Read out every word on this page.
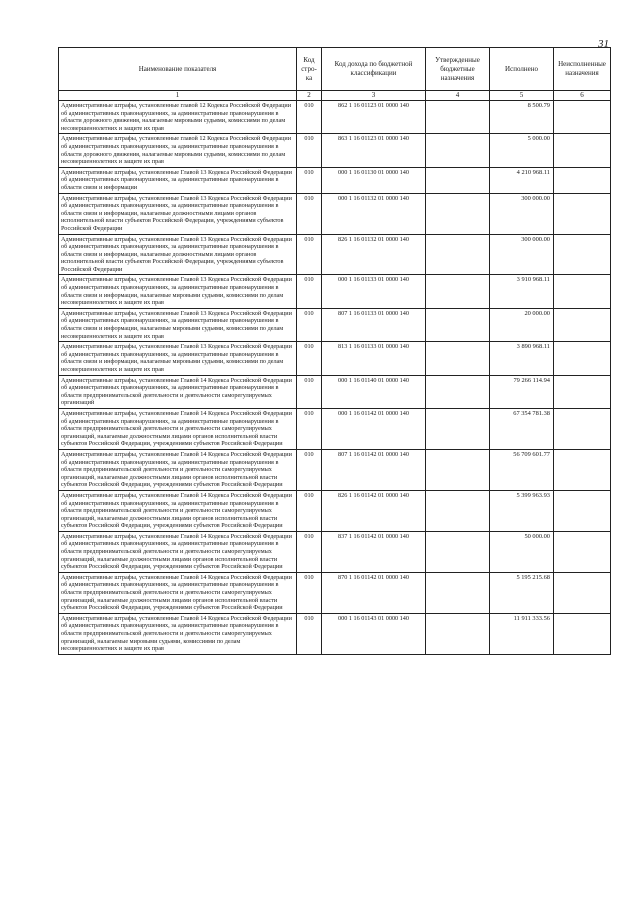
31
Наименование показателя	Код стро-ка	Код дохода по бюджетной классификации	Утвержденные бюджетные назначения	Исполнено	Неисполненные назначения
1	2	3	4	5	6
Административные штрафы, установленные главой 12 Кодекса Российской Федерации об административных правонарушениях, за административные правонарушения в области дорожного движения, налагаемые мировыми судьями, комиссиями по делам несовершеннолетних и защите их прав	010	862 1 16 01123 01 0000 140		8 500.79	
Административные штрафы, установленные главой 12 Кодекса Российской Федерации об административных правонарушениях, за административные правонарушения в области дорожного движения, налагаемые мировыми судьями, комиссиями по делам несовершеннолетних и защите их прав	010	863 1 16 01123 01 0000 140		5 000.00	
Административные штрафы, установленные Главой 13 Кодекса Российской Федерации об административных правонарушениях, за административные правонарушения в области связи и информации	010	000 1 16 01130 01 0000 140		4 210 968.11	
Административные штрафы, установленные Главой 13 Кодекса Российской Федерации об административных правонарушениях, за административные правонарушения в области связи и информации, налагаемые должностными лицами органов исполнительной власти субъектов Российской Федерации, учреждениями субъектов Российской Федерации	010	000 1 16 01132 01 0000 140		300 000.00	
Административные штрафы, установленные Главой 13 Кодекса Российской Федерации об административных правонарушениях, за административные правонарушения в области связи и информации, налагаемые должностными лицами органов исполнительной власти субъектов Российской Федерации, учреждениями субъектов Российской Федерации	010	826 1 16 01132 01 0000 140		300 000.00	
Административные штрафы, установленные Главой 13 Кодекса Российской Федерации об административных правонарушениях, за административные правонарушения в области связи и информации, налагаемые мировыми судьями, комиссиями по делам несовершеннолетних и защите их прав	010	000 1 16 01133 01 0000 140		3 910 968.11	
Административные штрафы, установленные Главой 13 Кодекса Российской Федерации об административных правонарушениях, за административные правонарушения в области связи и информации, налагаемые мировыми судьями, комиссиями по делам несовершеннолетних и защите их прав	010	807 1 16 01133 01 0000 140		20 000.00	
Административные штрафы, установленные Главой 13 Кодекса Российской Федерации об административных правонарушениях, за административные правонарушения в области связи и информации, налагаемые мировыми судьями, комиссиями по делам несовершеннолетних и защите их прав	010	813 1 16 01133 01 0000 140		3 890 968.11	
Административные штрафы, установленные Главой 14 Кодекса Российской Федерации об административных правонарушениях, за административные правонарушения в области предпринимательской деятельности и деятельности саморегулируемых организаций	010	000 1 16 01140 01 0000 140		79 266 114.94	
Административные штрафы, установленные Главой 14 Кодекса Российской Федерации об административных правонарушениях, за административные правонарушения в области предпринимательской деятельности и деятельности саморегулируемых организаций, налагаемые должностными лицами органов исполнительной власти субъектов Российской Федерации, учреждениями субъектов Российской Федерации	010	000 1 16 01142 01 0000 140		67 354 781.38	
Административные штрафы, установленные Главой 14 Кодекса Российской Федерации об административных правонарушениях, за административные правонарушения в области предпринимательской деятельности и деятельности саморегулируемых организаций, налагаемые должностными лицами органов исполнительной власти субъектов Российской Федерации, учреждениями субъектов Российской Федерации	010	807 1 16 01142 01 0000 140		56 709 601.77	
Административные штрафы, установленные Главой 14 Кодекса Российской Федерации об административных правонарушениях, за административные правонарушения в области предпринимательской деятельности и деятельности саморегулируемых организаций, налагаемые должностными лицами органов исполнительной власти субъектов Российской Федерации, учреждениями субъектов Российской Федерации	010	826 1 16 01142 01 0000 140		5 399 963.93	
Административные штрафы, установленные Главой 14 Кодекса Российской Федерации об административных правонарушениях, за административные правонарушения в области предпринимательской деятельности и деятельности саморегулируемых организаций, налагаемые должностными лицами органов исполнительной власти субъектов Российской Федерации, учреждениями субъектов Российской Федерации	010	837 1 16 01142 01 0000 140		50 000.00	
Административные штрафы, установленные Главой 14 Кодекса Российской Федерации об административных правонарушениях, за административные правонарушения в области предпринимательской деятельности и деятельности саморегулируемых организаций, налагаемые должностными лицами органов исполнительной власти субъектов Российской Федерации, учреждениями субъектов Российской Федерации	010	870 1 16 01142 01 0000 140		5 195 215.68	
Административные штрафы, установленные Главой 14 Кодекса Российской Федерации об административных правонарушениях, за административные правонарушения в области предпринимательской деятельности и деятельности саморегулируемых организаций, налагаемые мировыми судьями, комиссиями по делам несовершеннолетних и защите их прав	010	000 1 16 01143 01 0000 140		11 911 333.56	
